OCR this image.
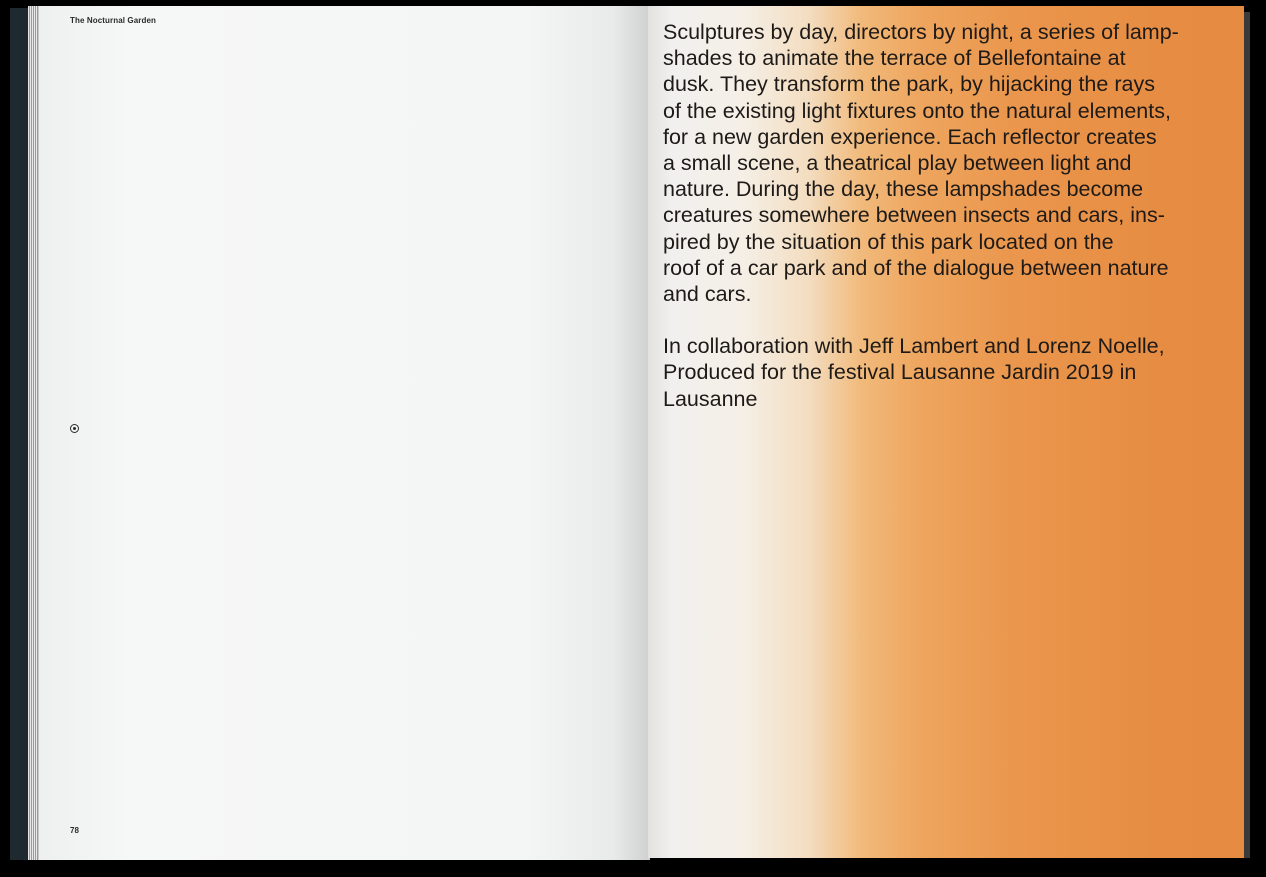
The Nocturnal Garden
78
Sculptures by day, directors by night, a series of lamp-
shades to animate the terrace of Bellefontaine at
dusk. They transform the park, by hijacking the rays
of the existing light fixtures onto the natural elements,
for a new garden experience. Each reflector creates
a small scene, a theatrical play between light and
nature. During the day, these lampshades become
creatures somewhere between insects and cars, ins-
pired by the situation of this park located on the
roof of a car park and of the dialogue between nature
and cars.
In collaboration with Jeff Lambert and Lorenz Noelle,
Produced for the festival Lausanne Jardin 2019 in
Lausanne
